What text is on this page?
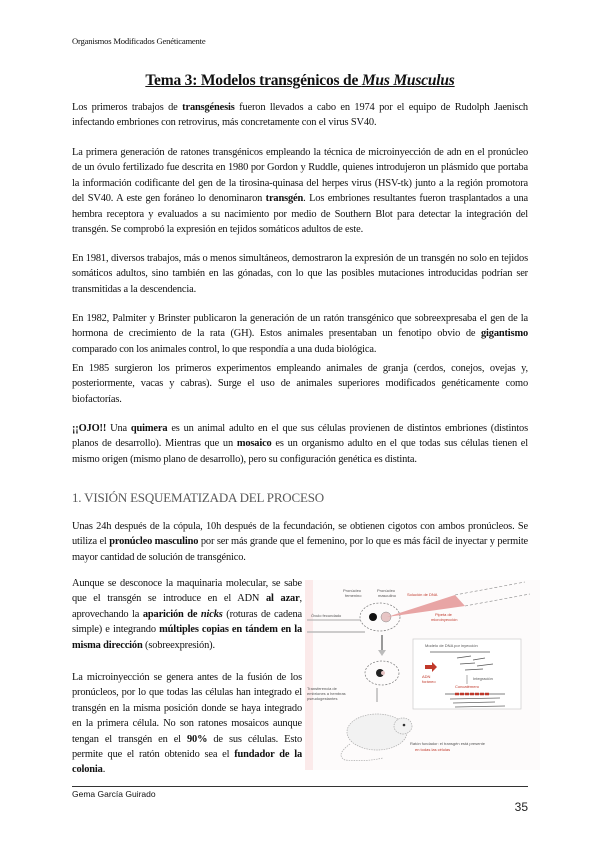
Organismos Modificados Genéticamente
Tema 3: Modelos transgénicos de Mus Musculus

Los primeros trabajos de transgénesis fueron llevados a cabo en 1974 por el equipo de Rudolph Jaenisch infectando embriones con retrovirus, más concretamente con el virus SV40.

La primera generación de ratones transgénicos empleando la técnica de microinyección de adn en el pronúcleo de un óvulo fertilizado fue descrita en 1980 por Gordon y Ruddle, quienes introdujeron un plásmido que portaba la información codificante del gen de la tirosina-quinasa del herpes virus (HSV-tk) junto a la región promotora del SV40. A este gen foráneo lo denominaron transgén. Los embriones resultantes fueron trasplantados a una hembra receptora y evaluados a su nacimiento por medio de Southern Blot para detectar la integración del transgén. Se comprobó la expresión en tejidos somáticos adultos de este.

En 1981, diversos trabajos, más o menos simultáneos, demostraron la expresión de un transgén no solo en tejidos somáticos adultos, sino también en las gónadas, con lo que las posibles mutaciones introducidas podrían ser transmitidas a la descendencia.

En 1982, Palmiter y Brinster publicaron la generación de un ratón transgénico que sobreexpresaba el gen de la hormona de crecimiento de la rata (GH). Estos animales presentaban un fenotipo obvio de gigantismo comparado con los animales control, lo que respondía a una duda biológica.

En 1985 surgieron los primeros experimentos empleando animales de granja (cerdos, conejos, ovejas y, posteriormente, vacas y cabras). Surge el uso de animales superiores modificados genéticamente como biofactorías.

¡¡OJO!! Una quimera es un animal adulto en el que sus células provienen de distintos embriones (distintos planos de desarrollo). Mientras que un mosaico es un organismo adulto en el que todas sus células tienen el mismo origen (mismo plano de desarrollo), pero su configuración genética es distinta.

1. VISIÓN ESQUEMATIZADA DEL PROCESO

Unas 24h después de la cópula, 10h después de la fecundación, se obtienen cigotos con ambos pronúcleos. Se utiliza el pronúcleo masculino por ser más grande que el femenino, por lo que es más fácil de inyectar y permite mayor cantidad de solución de transgénico.

Aunque se desconoce la maquinaria molecular, se sabe que el transgén se introduce en el ADN al azar, aprovechando la aparición de nicks (roturas de cadena simple) e integrando múltiples copias en tándem en la misma dirección (sobreexpresión).

La microinyección se genera antes de la fusión de los pronúcleos, por lo que todas las células han integrado el transgén en la misma posición donde se haya integrado en la primera célula. No son ratones mosaicos aunque tengan el transgén en el 90% de sus células. Esto permite que el ratón obtenido sea el fundador de la colonia.

Pronúcleo
femenino
Pronúcleo
masculino	Solución de DNA
Óvulo fecundado	Pipeta de
microinyección
Modelo de DNA por inyección
ADN
foráneo
Integración
Concatémero
Transferencia de
embriones a hembras
pseudogestantes
Ratón fundador: el transgén está presente
en todas las células
Gema García Guirado
35
